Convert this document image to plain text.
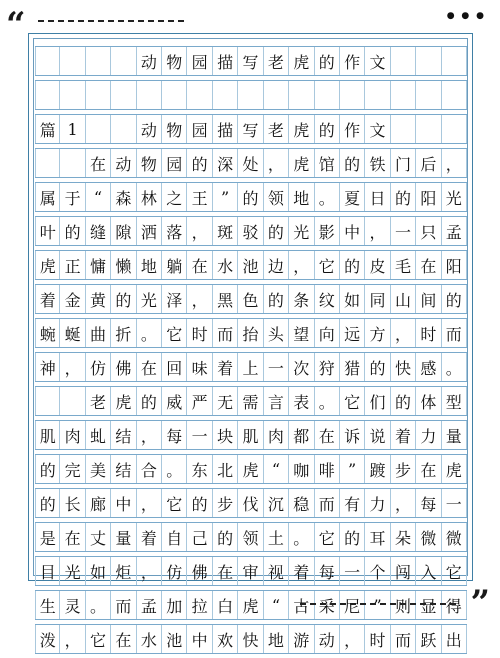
“	● ● ●
动 物 园 描 写 老 虎 的 作 文
篇 1	动 物 园 描 写 老 虎 的 作 文
在 动 物 园 的 深 处 ， 虎 馆 的 铁 门 后 ，
属 于 “ 森 林 之 王 ” 的 领 地 。 夏 日 的 阳 光
叶 的 缝 隙 洒 落 ， 斑 驳 的 光 影 中 ， 一 只 孟
虎 正 慵 懒 地 躺 在 水 池 边 ， 它 的 皮 毛 在 阳
着 金 黄 的 光 泽 ， 黑 色 的 条 纹 如 同 山 间 的
蜿 蜒 曲 折 。 它 时 而 抬 头 望 向 远 方 ， 时 而
神 ， 仿 佛 在 回 味 着 上 一 次 狩 猎 的 快 感 。
老 虎 的 威 严 无 需 言 表 。 它 们 的 体 型
肌 肉 虬 结 ， 每 一 块 肌 肉 都 在 诉 说 着 力 量
的 完 美 结 合 。 东 北 虎 “ 咖 啡 ” 踱 步 在 虎
的 长 廊 中 ， 它 的 步 伐 沉 稳 而 有 力 ， 每 一
是 在 丈 量 着 自 己 的 领 土 。 它 的 耳 朵 微 微
目 光 如 炬 ， 仿 佛 在 审 视 着 每 一 个 闯 入 它
生 灵 。 而 孟 加 拉 白 虎 “ 古 采 尼 ” 则 显 得
泼 ， 它 在 水 池 中 欢 快 地 游 动 ， 时 而 跃 出
”
